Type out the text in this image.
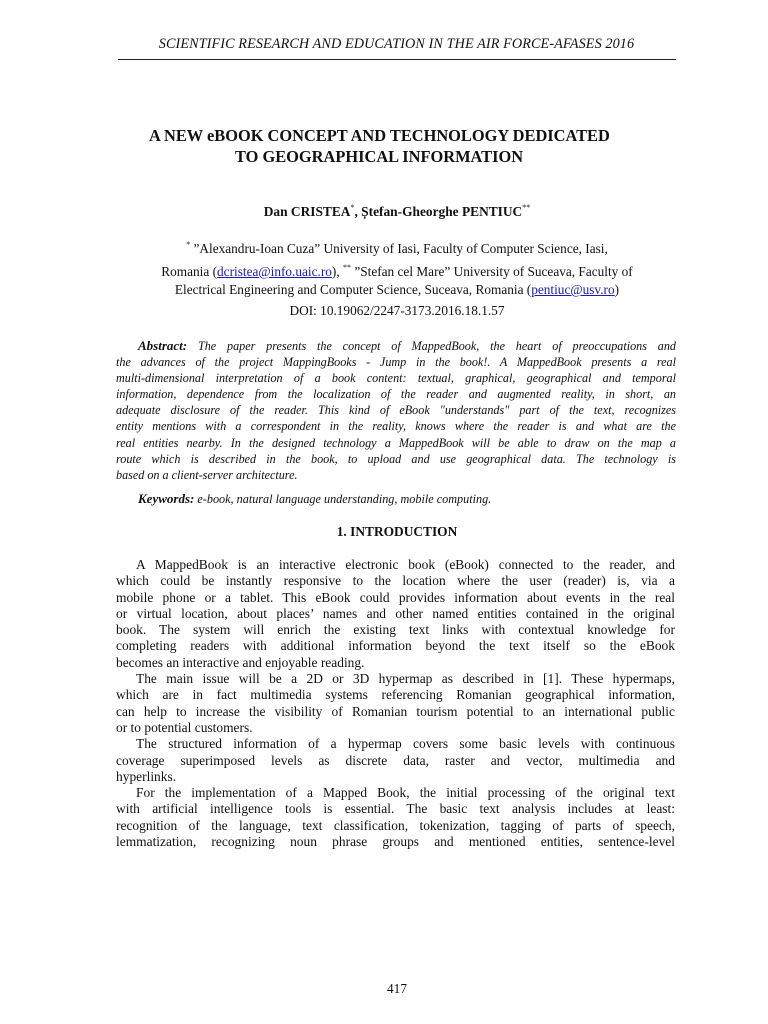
SCIENTIFIC RESEARCH AND EDUCATION IN THE AIR FORCE-AFASES 2016
A NEW eBOOK CONCEPT AND TECHNOLOGY DEDICATED
TO GEOGRAPHICAL INFORMATION
Dan CRISTEA*, Ștefan-Gheorghe PENTIUC**
* ”Alexandru-Ioan Cuza” University of Iasi, Faculty of Computer Science, Iasi,
Romania (dcristea@info.uaic.ro), ** ”Stefan cel Mare” University of Suceava, Faculty of
Electrical Engineering and Computer Science, Suceava, Romania (pentiuc@usv.ro)
DOI: 10.19062/2247-3173.2016.18.1.57
Abstract: The paper presents the concept of MappedBook, the heart of preoccupations and
the advances of the project MappingBooks - Jump in the book!. A MappedBook presents a real
multi-dimensional interpretation of a book content: textual, graphical, geographical and temporal
information, dependence from the localization of the reader and augmented reality, in short, an
adequate disclosure of the reader. This kind of eBook "understands" part of the text, recognizes
entity mentions with a correspondent in the reality, knows where the reader is and what are the
real entities nearby. In the designed technology a MappedBook will be able to draw on the map a
route which is described in the book, to upload and use geographical data. The technology is
based on a client-server architecture.
Keywords: e-book, natural language understanding, mobile computing.
1. INTRODUCTION
A MappedBook is an interactive electronic book (eBook) connected to the reader, and
which could be instantly responsive to the location where the user (reader) is, via a
mobile phone or a tablet. This eBook could provides information about events in the real
or virtual location, about places’ names and other named entities contained in the original
book. The system will enrich the existing text links with contextual knowledge for
completing readers with additional information beyond the text itself so the eBook
becomes an interactive and enjoyable reading.
The main issue will be a 2D or 3D hypermap as described in [1]. These hypermaps,
which are in fact multimedia systems referencing Romanian geographical information,
can help to increase the visibility of Romanian tourism potential to an international public
or to potential customers.
The structured information of a hypermap covers some basic levels with continuous
coverage superimposed levels as discrete data, raster and vector, multimedia and
hyperlinks.
For the implementation of a Mapped Book, the initial processing of the original text
with artificial intelligence tools is essential. The basic text analysis includes at least:
recognition of the language, text classification, tokenization, tagging of parts of speech,
lemmatization, recognizing noun phrase groups and mentioned entities, sentence-level
417
